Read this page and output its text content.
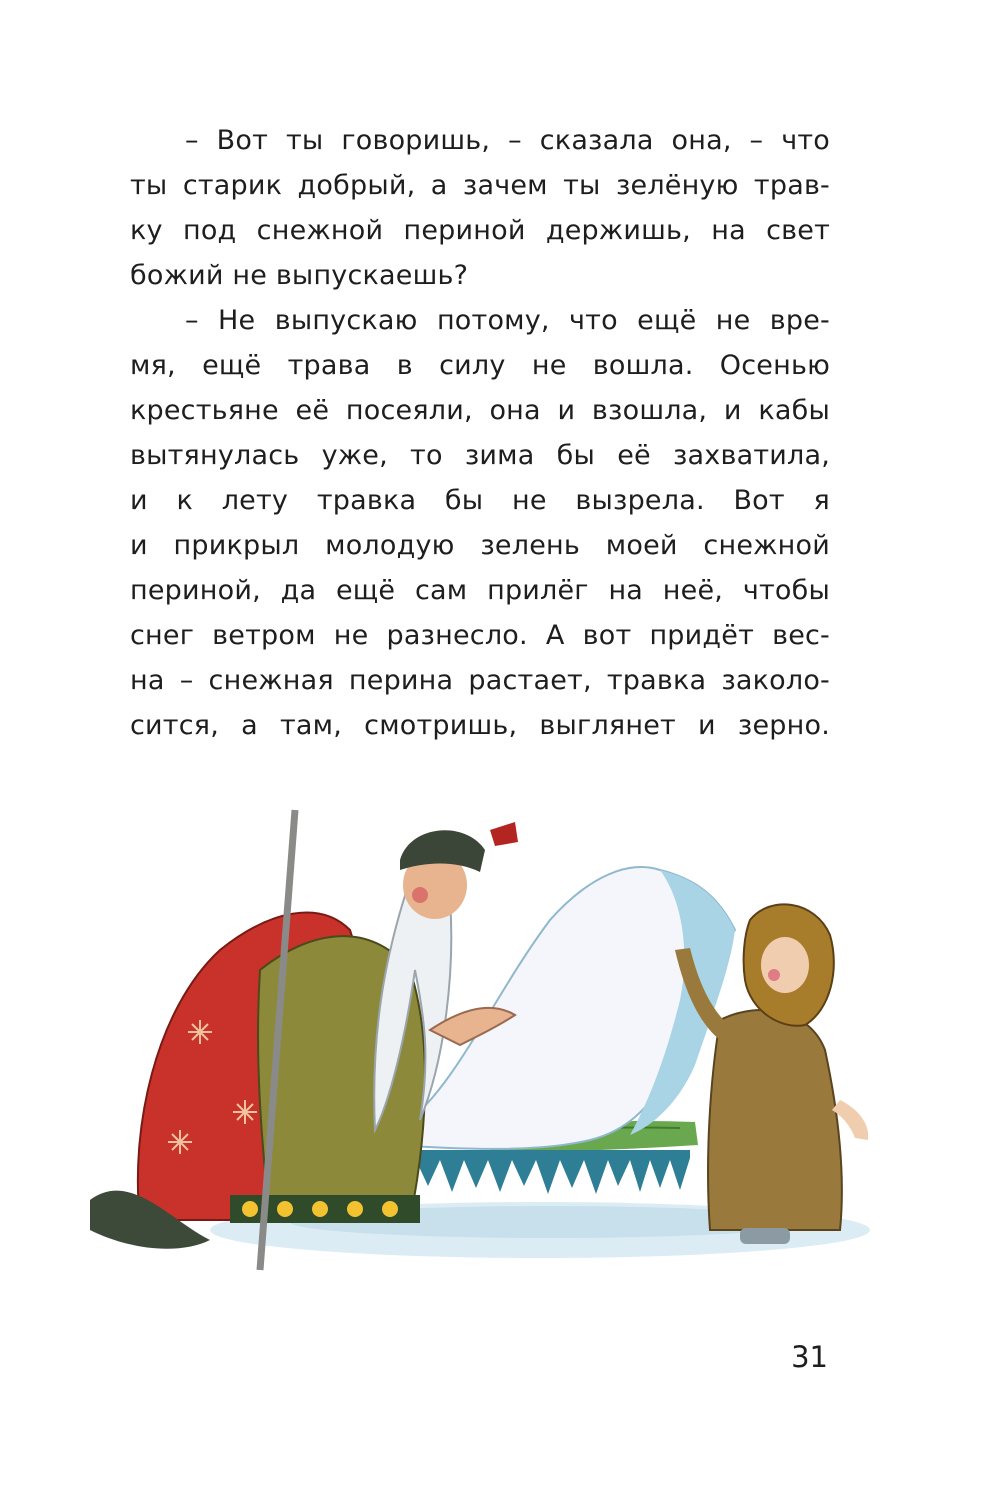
– Вот ты говоришь, – сказала она, – что
ты старик добрый, а зачем ты зелёную трав-
ку под снежной периной держишь, на свет
божий не выпускаешь?
– Не выпускаю потому, что ещё не вре-
мя, ещё трава в силу не вошла. Осенью
крестьяне её посеяли, она и взошла, и кабы
вытянулась уже, то зима бы её захватила,
и к лету травка бы не вызрела. Вот я
и прикрыл молодую зелень моей снежной
периной, да ещё сам прилёг на неё, чтобы
снег ветром не разнесло. А вот придёт вес-
на – снежная перина растает, травка заколо-
сится, а там, смотришь, выглянет и зерно.
31
